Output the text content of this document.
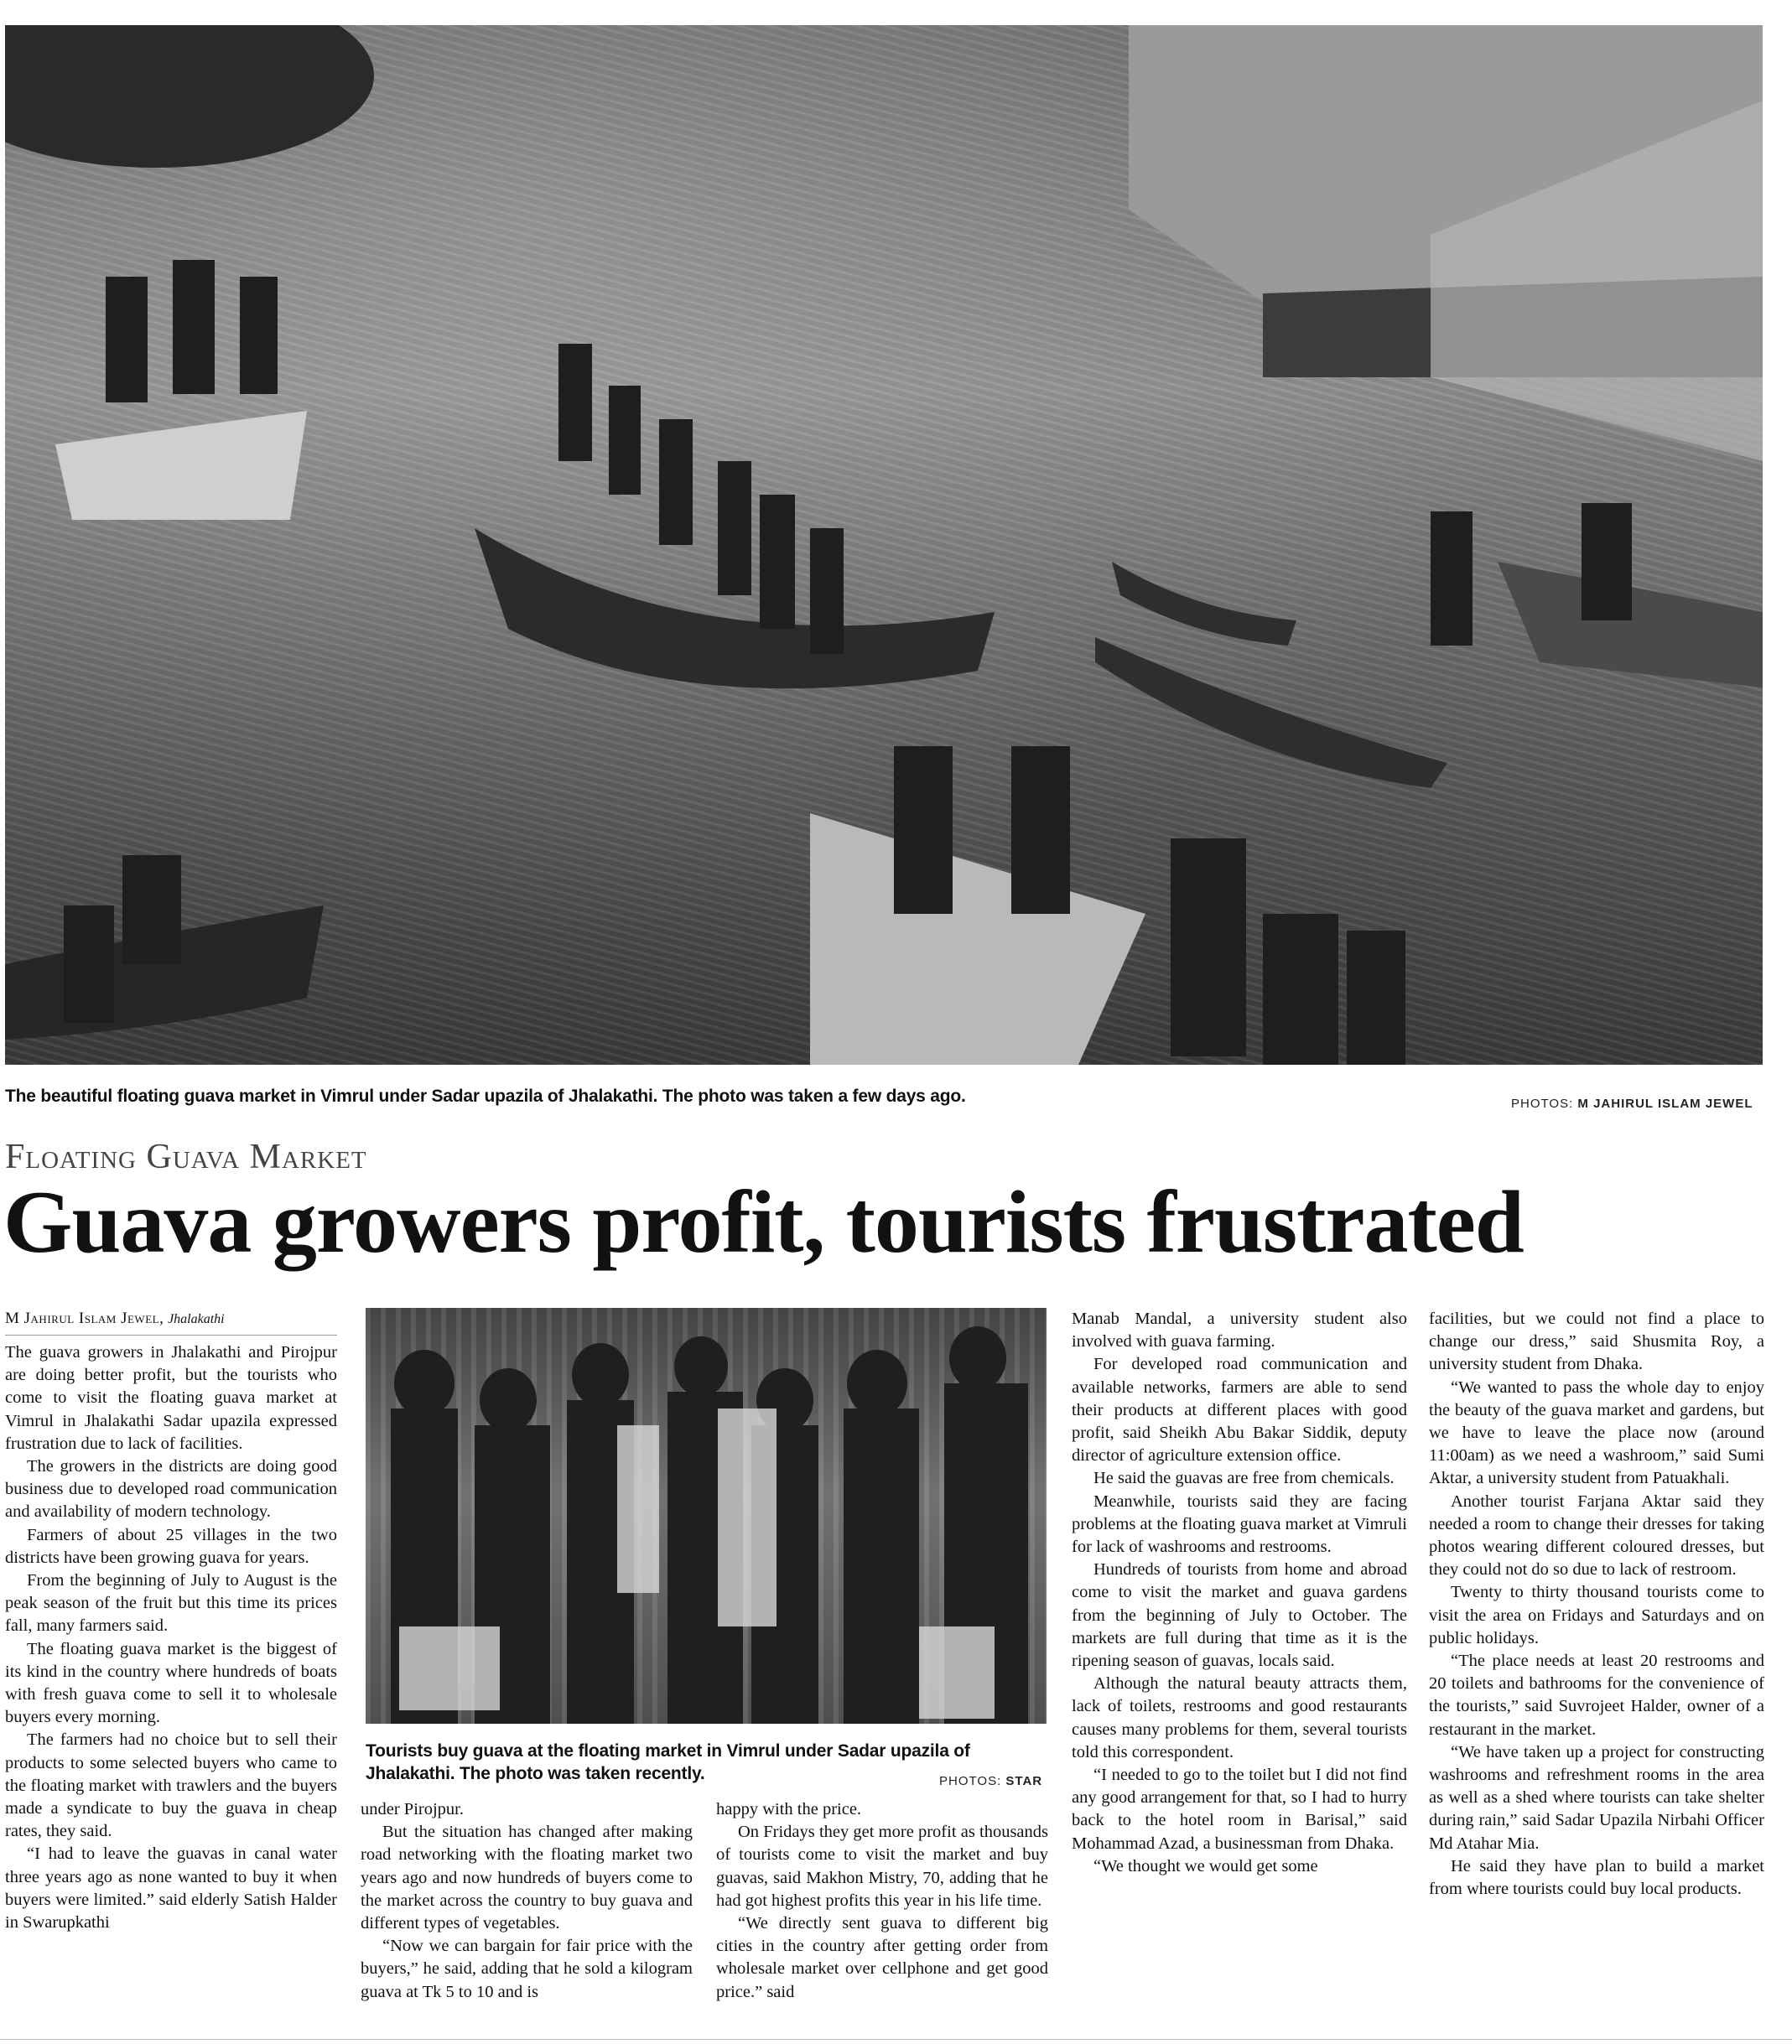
The beautiful floating guava market in Vimrul under Sadar upazila of Jhalakathi. The photo was taken a few days ago.	PHOTOS: M JAHIRUL ISLAM JEWEL
Floating Guava Market
Guava growers profit, tourists frustrated
M Jahirul Islam Jewel, Jhalakathi
Tourists buy guava at the floating market in Vimrul under Sadar upazila of Jhalakathi. The photo was taken recently.	PHOTOS: STAR

The guava growers in Jhalakathi and Pirojpur are doing better profit, but the tourists who come to visit the floating guava market at Vimrul in Jhalakathi Sadar upazila expressed frustration due to lack of facilities.

The growers in the districts are doing good business due to developed road communication and availability of modern technology.

Farmers of about 25 villages in the two districts have been growing guava for years.

From the beginning of July to August is the peak season of the fruit but this time its prices fall, many farmers said.

The floating guava market is the biggest of its kind in the country where hundreds of boats with fresh guava come to sell it to wholesale buyers every morning.

The farmers had no choice but to sell their products to some selected buyers who came to the floating market with trawlers and the buyers made a syndicate to buy the guava in cheap rates, they said.

“I had to leave the guavas in canal water three years ago as none wanted to buy it when buyers were limited.” said elderly Satish Halder in Swarupkathi

under Pirojpur.

But the situation has changed after making road networking with the floating market two years ago and now hundreds of buyers come to the market across the country to buy guava and different types of vegetables.

“Now we can bargain for fair price with the buyers,” he said, adding that he sold a kilogram guava at Tk 5 to 10 and is

happy with the price.

On Fridays they get more profit as thousands of tourists come to visit the market and buy guavas, said Makhon Mistry, 70, adding that he had got highest profits this year in his life time.

“We directly sent guava to different big cities in the country after getting order from wholesale market over cellphone and get good price.” said

Manab Mandal, a university student also involved with guava farming.

For developed road communication and available networks, farmers are able to send their products at different places with good profit, said Sheikh Abu Bakar Siddik, deputy director of agriculture extension office.

He said the guavas are free from chemicals.

Meanwhile, tourists said they are facing problems at the floating guava market at Vimruli for lack of washrooms and restrooms.

Hundreds of tourists from home and abroad come to visit the market and guava gardens from the beginning of July to October. The markets are full during that time as it is the ripening season of guavas, locals said.

Although the natural beauty attracts them, lack of toilets, restrooms and good restaurants causes many problems for them, several tourists told this correspondent.

“I needed to go to the toilet but I did not find any good arrangement for that, so I had to hurry back to the hotel room in Barisal,” said Mohammad Azad, a businessman from Dhaka.

“We thought we would get some

facilities, but we could not find a place to change our dress,” said Shusmita Roy, a university student from Dhaka.

“We wanted to pass the whole day to enjoy the beauty of the guava market and gardens, but we have to leave the place now (around 11:00am) as we need a washroom,” said Sumi Aktar, a university student from Patuakhali.

Another tourist Farjana Aktar said they needed a room to change their dresses for taking photos wearing different coloured dresses, but they could not do so due to lack of restroom.

Twenty to thirty thousand tourists come to visit the area on Fridays and Saturdays and on public holidays.

“The place needs at least 20 restrooms and 20 toilets and bathrooms for the convenience of the tourists,” said Suvrojeet Halder, owner of a restaurant in the market.

“We have taken up a project for constructing washrooms and refreshment rooms in the area as well as a shed where tourists can take shelter during rain,” said Sadar Upazila Nirbahi Officer Md Atahar Mia.

He said they have plan to build a market from where tourists could buy local products.
